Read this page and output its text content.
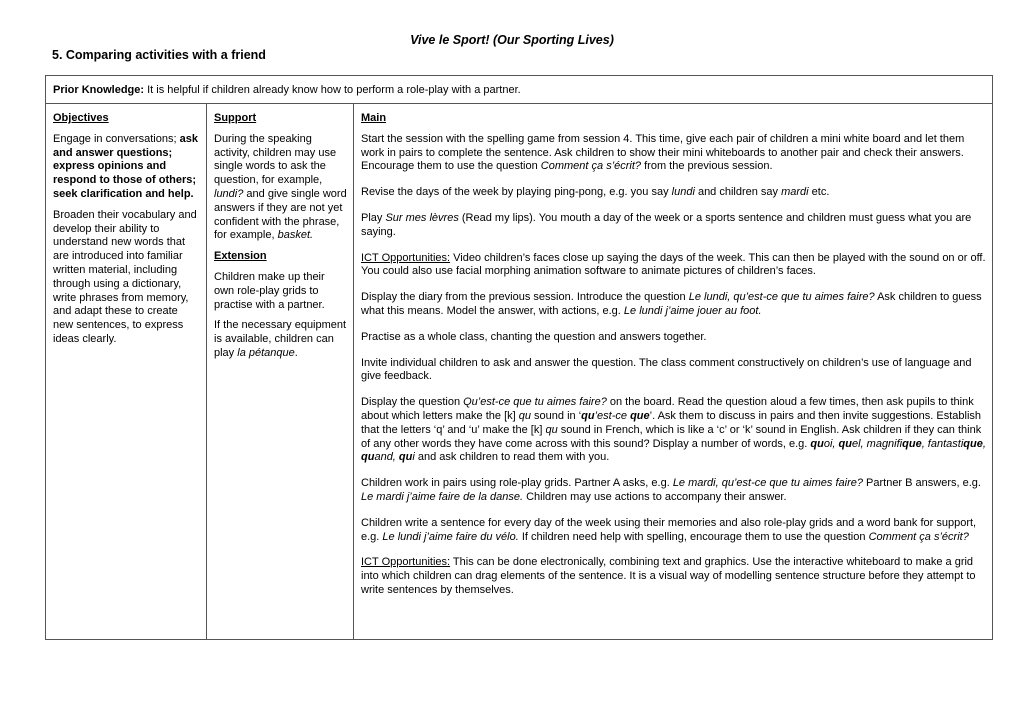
Vive le Sport! (Our Sporting Lives)
5. Comparing activities with a friend
Prior Knowledge: It is helpful if children already know how to perform a role-play with a partner.
Objectives

Engage in conversations; ask and answer questions; express opinions and respond to those of others; seek clarification and help.

Broaden their vocabulary and develop their ability to understand new words that are introduced into familiar written material, including through using a dictionary, write phrases from memory, and adapt these to create new sentences, to express ideas clearly.

Support

During the speaking activity, children may use single words to ask the question, for example, lundi? and give single word answers if they are not yet confident with the phrase, for example, basket.

Extension

Children make up their own role-play grids to practise with a partner.

If the necessary equipment is available, children can play la pétanque.

Main

Start the session with the spelling game from session 4. This time, give each pair of children a mini white board and let them work in pairs to complete the sentence. Ask children to show their mini whiteboards to another pair and check their answers. Encourage them to use the question Comment ça s’écrit? from the previous session.

Revise the days of the week by playing ping-pong, e.g. you say lundi and children say mardi etc.

Play Sur mes lèvres (Read my lips). You mouth a day of the week or a sports sentence and children must guess what you are saying.

ICT Opportunities: Video children’s faces close up saying the days of the week. This can then be played with the sound on or off. You could also use facial morphing animation software to animate pictures of children’s faces.

Display the diary from the previous session. Introduce the question Le lundi, qu’est-ce que tu aimes faire? Ask children to guess what this means. Model the answer, with actions, e.g. Le lundi j’aime jouer au foot.

Practise as a whole class, chanting the question and answers together.

Invite individual children to ask and answer the question. The class comment constructively on children’s use of language and give feedback.

Display the question Qu’est-ce que tu aimes faire? on the board. Read the question aloud a few times, then ask pupils to think about which letters make the [k] qu sound in ‘qu’est-ce que’. Ask them to discuss in pairs and then invite suggestions. Establish that the letters ‘q’ and ‘u’ make the [k] qu sound in French, which is like a ‘c’ or ‘k’ sound in English. Ask children if they can think of any other words they have come across with this sound? Display a number of words, e.g. quoi, quel, magnifique, fantastique, quand, qui and ask children to read them with you.

Children work in pairs using role-play grids. Partner A asks, e.g. Le mardi, qu’est-ce que tu aimes faire? Partner B answers, e.g. Le mardi j’aime faire de la danse. Children may use actions to accompany their answer.

Children write a sentence for every day of the week using their memories and also role-play grids and a word bank for support, e.g. Le lundi j’aime faire du vélo. If children need help with spelling, encourage them to use the question Comment ça s’écrit?

ICT Opportunities: This can be done electronically, combining text and graphics. Use the interactive whiteboard to make a grid into which children can drag elements of the sentence. It is a visual way of modelling sentence structure before they attempt to write sentences by themselves.
